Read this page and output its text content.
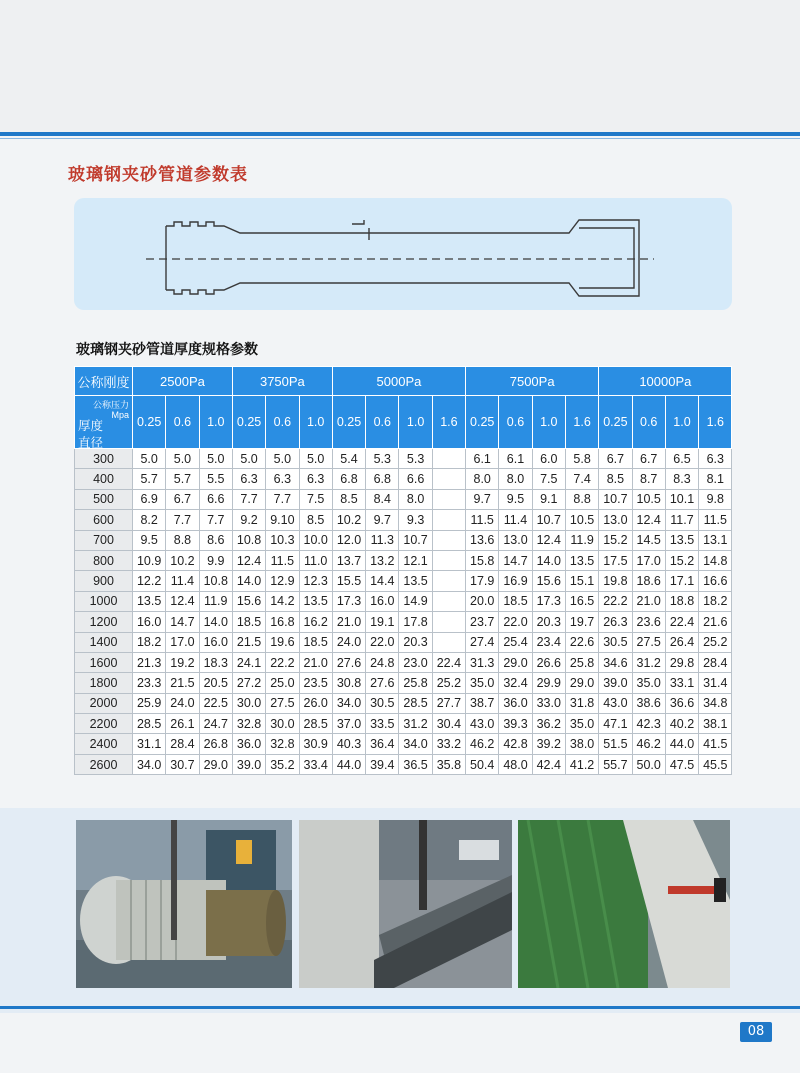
玻璃钢夹砂管道参数表
玻璃钢夹砂管道厚度规格参数
公称刚度	2500Pa			3750Pa			5000Pa				7500Pa				10000Pa			

公称压力 Mpa
厚度
直径	0.25	0.6	1.0	0.25	0.6	1.0	0.25	0.6	1.0	1.6	0.25	0.6	1.0	1.6	0.25	0.6	1.0	1.6
300	5.0	5.0	5.0	5.0	5.0	5.0	5.4	5.3	5.3		6.1	6.1	6.0	5.8	6.7	6.7	6.5	6.3
400	5.7	5.7	5.5	6.3	6.3	6.3	6.8	6.8	6.6		8.0	8.0	7.5	7.4	8.5	8.7	8.3	8.1
500	6.9	6.7	6.6	7.7	7.7	7.5	8.5	8.4	8.0		9.7	9.5	9.1	8.8	10.7	10.5	10.1	9.8
600	8.2	7.7	7.7	9.2	9.10	8.5	10.2	9.7	9.3		11.5	11.4	10.7	10.5	13.0	12.4	11.7	11.5
700	9.5	8.8	8.6	10.8	10.3	10.0	12.0	11.3	10.7		13.6	13.0	12.4	11.9	15.2	14.5	13.5	13.1
800	10.9	10.2	9.9	12.4	11.5	11.0	13.7	13.2	12.1		15.8	14.7	14.0	13.5	17.5	17.0	15.2	14.8
900	12.2	11.4	10.8	14.0	12.9	12.3	15.5	14.4	13.5		17.9	16.9	15.6	15.1	19.8	18.6	17.1	16.6
1000	13.5	12.4	11.9	15.6	14.2	13.5	17.3	16.0	14.9		20.0	18.5	17.3	16.5	22.2	21.0	18.8	18.2
1200	16.0	14.7	14.0	18.5	16.8	16.2	21.0	19.1	17.8		23.7	22.0	20.3	19.7	26.3	23.6	22.4	21.6
1400	18.2	17.0	16.0	21.5	19.6	18.5	24.0	22.0	20.3		27.4	25.4	23.4	22.6	30.5	27.5	26.4	25.2
1600	21.3	19.2	18.3	24.1	22.2	21.0	27.6	24.8	23.0	22.4	31.3	29.0	26.6	25.8	34.6	31.2	29.8	28.4
1800	23.3	21.5	20.5	27.2	25.0	23.5	30.8	27.6	25.8	25.2	35.0	32.4	29.9	29.0	39.0	35.0	33.1	31.4
2000	25.9	24.0	22.5	30.0	27.5	26.0	34.0	30.5	28.5	27.7	38.7	36.0	33.0	31.8	43.0	38.6	36.6	34.8
2200	28.5	26.1	24.7	32.8	30.0	28.5	37.0	33.5	31.2	30.4	43.0	39.3	36.2	35.0	47.1	42.3	40.2	38.1
2400	31.1	28.4	26.8	36.0	32.8	30.9	40.3	36.4	34.0	33.2	46.2	42.8	39.2	38.0	51.5	46.2	44.0	41.5
2600	34.0	30.7	29.0	39.0	35.2	33.4	44.0	39.4	36.5	35.8	50.4	48.0	42.4	41.2	55.7	50.0	47.5	45.5
08
